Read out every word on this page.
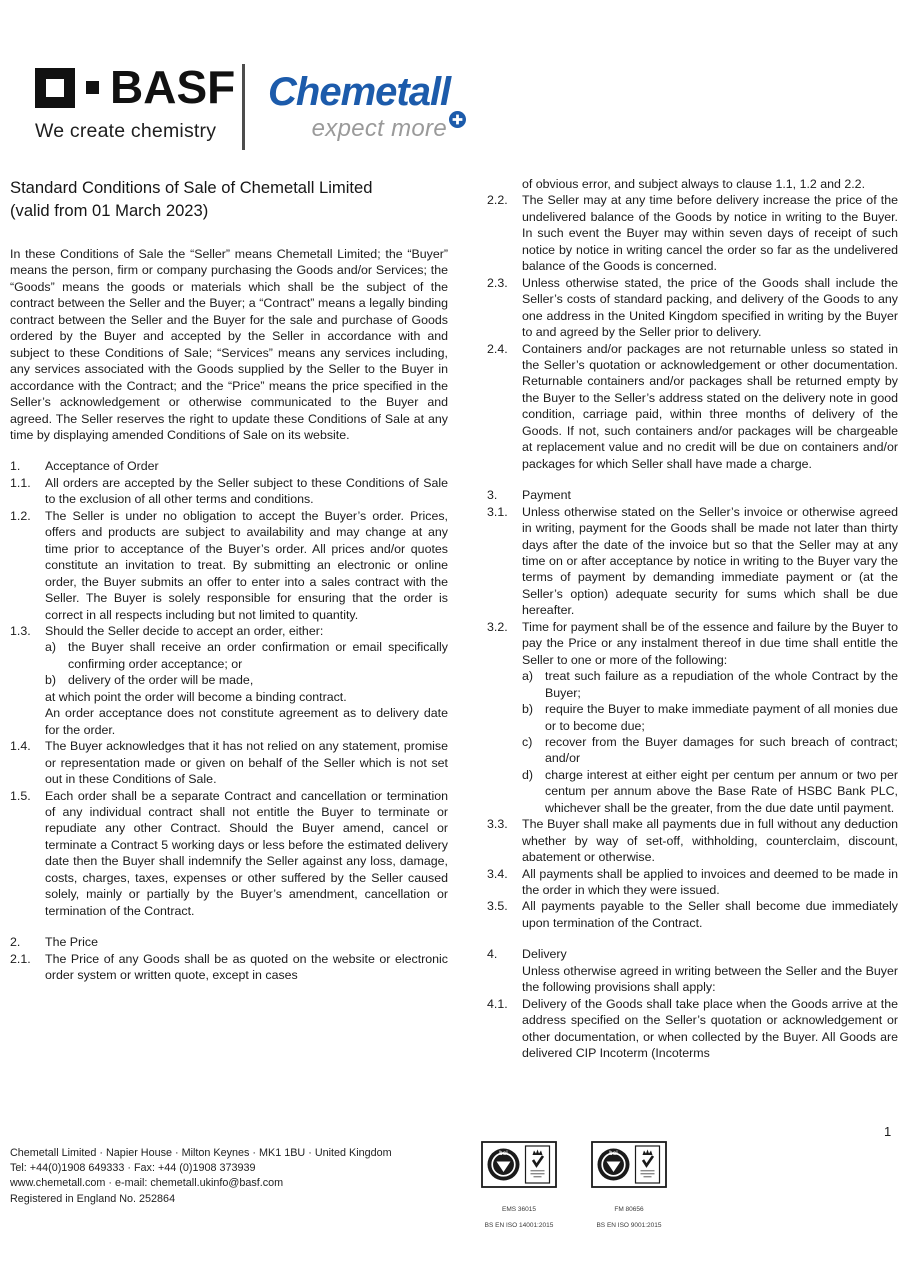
BASF
We create chemistry
Chemetall
expect more
Standard Conditions of Sale of Chemetall Limited
(valid from 01 March 2023)
In these Conditions of Sale the “Seller” means Chemetall Limited; the “Buyer” means the person, firm or company purchasing the Goods and/or Services; the “Goods” means the goods or materials which shall be the subject of the contract between the Seller and the Buyer; a “Contract” means a legally binding contract between the Seller and the Buyer for the sale and purchase of Goods ordered by the Buyer and accepted by the Seller in accordance with and subject to these Conditions of Sale; “Services” means any services including, any services associated with the Goods supplied by the Seller to the Buyer in accordance with the Contract; and the “Price” means the price specified in the Seller’s acknowledgement or otherwise communicated to the Buyer and agreed. The Seller reserves the right to update these Conditions of Sale at any time by displaying amended Conditions of Sale on its website.
1.	Acceptance of Order
1.1.	All orders are accepted by the Seller subject to these Conditions of Sale to the exclusion of all other terms and conditions.
1.2.	The Seller is under no obligation to accept the Buyer’s order. Prices, offers and products are subject to availability and may change at any time prior to acceptance of the Buyer’s order. All prices and/or quotes constitute an invitation to treat. By submitting an electronic or online order, the Buyer submits an offer to enter into a sales contract with the Seller. The Buyer is solely responsible for ensuring that the order is correct in all respects including but not limited to quantity.
1.3.	Should the Seller decide to accept an order, either:
a) the Buyer shall receive an order confirmation or email specifically confirming order acceptance; or
b) delivery of the order will be made,
at which point the order will become a binding contract.
An order acceptance does not constitute agreement as to delivery date for the order.
1.4.	The Buyer acknowledges that it has not relied on any statement, promise or representation made or given on behalf of the Seller which is not set out in these Conditions of Sale.
1.5.	Each order shall be a separate Contract and cancellation or termination of any individual contract shall not entitle the Buyer to terminate or repudiate any other Contract. Should the Buyer amend, cancel or terminate a Contract 5 working days or less before the estimated delivery date then the Buyer shall indemnify the Seller against any loss, damage, costs, charges, taxes, expenses or other suffered by the Seller caused solely, mainly or partially by the Buyer’s amendment, cancellation or termination of the Contract.
2.	The Price
2.1.	The Price of any Goods shall be as quoted on the website or electronic order system or written quote, except in cases
of obvious error, and subject always to clause 1.1, 1.2 and 2.2.
2.2.	The Seller may at any time before delivery increase the price of the undelivered balance of the Goods by notice in writing to the Buyer. In such event the Buyer may within seven days of receipt of such notice by notice in writing cancel the order so far as the undelivered balance of the Goods is concerned.
2.3.	Unless otherwise stated, the price of the Goods shall include the Seller’s costs of standard packing, and delivery of the Goods to any one address in the United Kingdom specified in writing by the Buyer to and agreed by the Seller prior to delivery.
2.4.	Containers and/or packages are not returnable unless so stated in the Seller’s quotation or acknowledgement or other documentation. Returnable containers and/or packages shall be returned empty by the Buyer to the Seller’s address stated on the delivery note in good condition, carriage paid, within three months of delivery of the Goods. If not, such containers and/or packages will be chargeable at replacement value and no credit will be due on containers and/or packages for which Seller shall have made a charge.
3.	Payment
3.1.	Unless otherwise stated on the Seller’s invoice or otherwise agreed in writing, payment for the Goods shall be made not later than thirty days after the date of the invoice but so that the Seller may at any time on or after acceptance by notice in writing to the Buyer vary the terms of payment by demanding immediate payment or (at the Seller’s option) adequate security for sums which shall be due hereafter.
3.2.	Time for payment shall be of the essence and failure by the Buyer to pay the Price or any instalment thereof in due time shall entitle the Seller to one or more of the following:
a) treat such failure as a repudiation of the whole Contract by the Buyer;
b) require the Buyer to make immediate payment of all monies due or to become due;
c)	recover from the Buyer damages for such breach of contract; and/or
d) charge interest at either eight per centum per annum or two per centum per annum above the Base Rate of HSBC Bank PLC, whichever shall be the greater, from the due date until payment.
3.3.	The Buyer shall make all payments due in full without any deduction whether by way of set-off, withholding, counterclaim, discount, abatement or otherwise.
3.4.	All payments shall be applied to invoices and deemed to be made in the order in which they were issued.
3.5.	All payments payable to the Seller shall become due immediately upon termination of the Contract.
4.	Delivery
Unless otherwise agreed in writing between the Seller and the Buyer the following provisions shall apply:
4.1.	Delivery of the Goods shall take place when the Goods arrive at the address specified on the Seller’s quotation or acknowledgement or other documentation, or when collected by the Buyer. All Goods are delivered CIP Incoterm (Incoterms
Chemetall Limited · Napier House · Milton Keynes · MK1 1BU · United Kingdom
Tel: +44(0)1908 649333 · Fax: +44 (0)1908 373939
www.chemetall.com · e-mail: chemetall.ukinfo@basf.com
Registered in England No. 252864
1
bsi
EMS 36015
BS EN ISO 14001:2015
bsi
FM 80656
BS EN ISO 9001:2015
